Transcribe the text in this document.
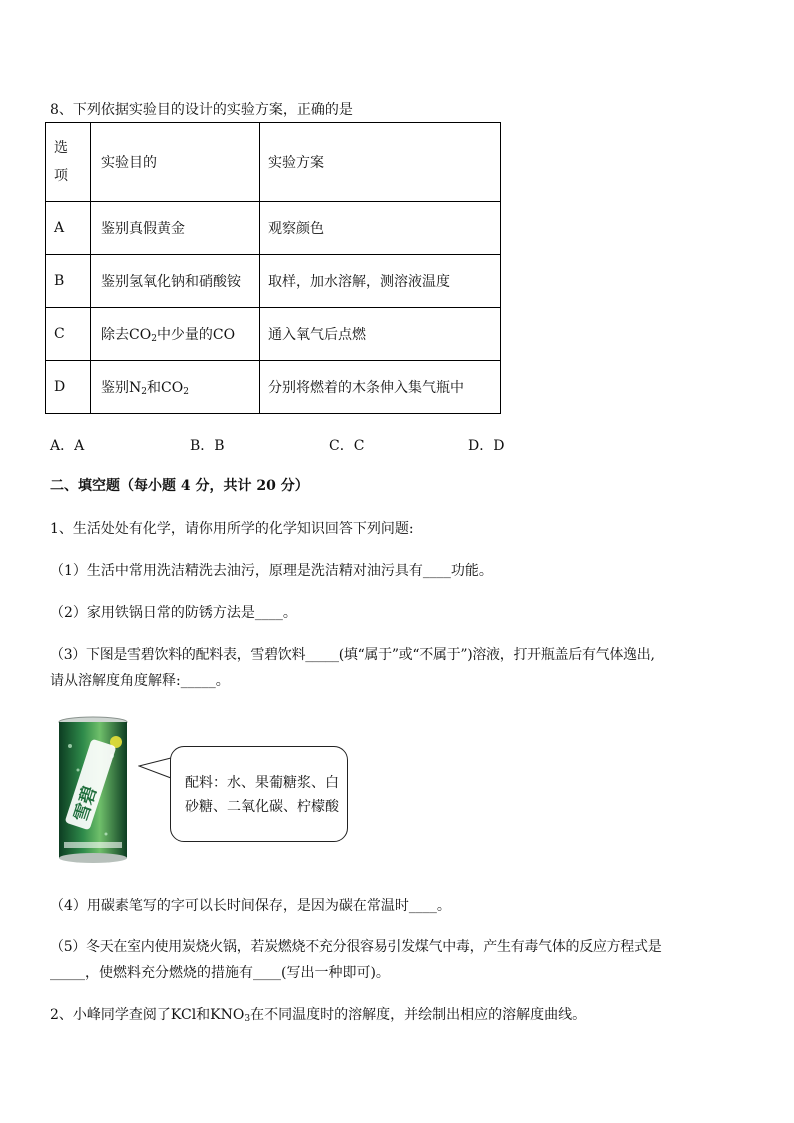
8、下列依据实验目的设计的实验方案，正确的是
选
项	实验目的	实验方案
A	鉴别真假黄金	观察颜色
B	鉴别氢氧化钠和硝酸铵	取样，加水溶解，测溶液温度
C	除去$CO_2$中少量的CO	通入氧气后点燃
D	鉴别$N_2$和$CO_2$	分别将燃着的木条伸入集气瓶中
A．A	B．B	C．C	D．D
二、填空题（每小题 4 分，共计 20 分）
1、生活处处有化学，请你用所学的化学知识回答下列问题:
（1）生活中常用洗洁精洗去油污，原理是洗洁精对油污具有____功能。
（2）家用铁锅日常的防锈方法是____。
（3）下图是雪碧饮料的配料表，雪碧饮料_____(填“属于”或“不属于”)溶液，打开瓶盖后有气体逸出,
请从溶解度角度解释:_____。
雪碧
配料：水、果葡糖浆、白砂糖、二氧化碳、柠檬酸
（4）用碳素笔写的字可以长时间保存，是因为碳在常温时____。
（5）冬天在室内使用炭烧火锅，若炭燃烧不充分很容易引发煤气中毒，产生有毒气体的反应方程式是
_____，使燃料充分燃烧的措施有____(写出一种即可)。
2、小峰同学查阅了KCl和$KNO_3$在不同温度时的溶解度，并绘制出相应的溶解度曲线。
